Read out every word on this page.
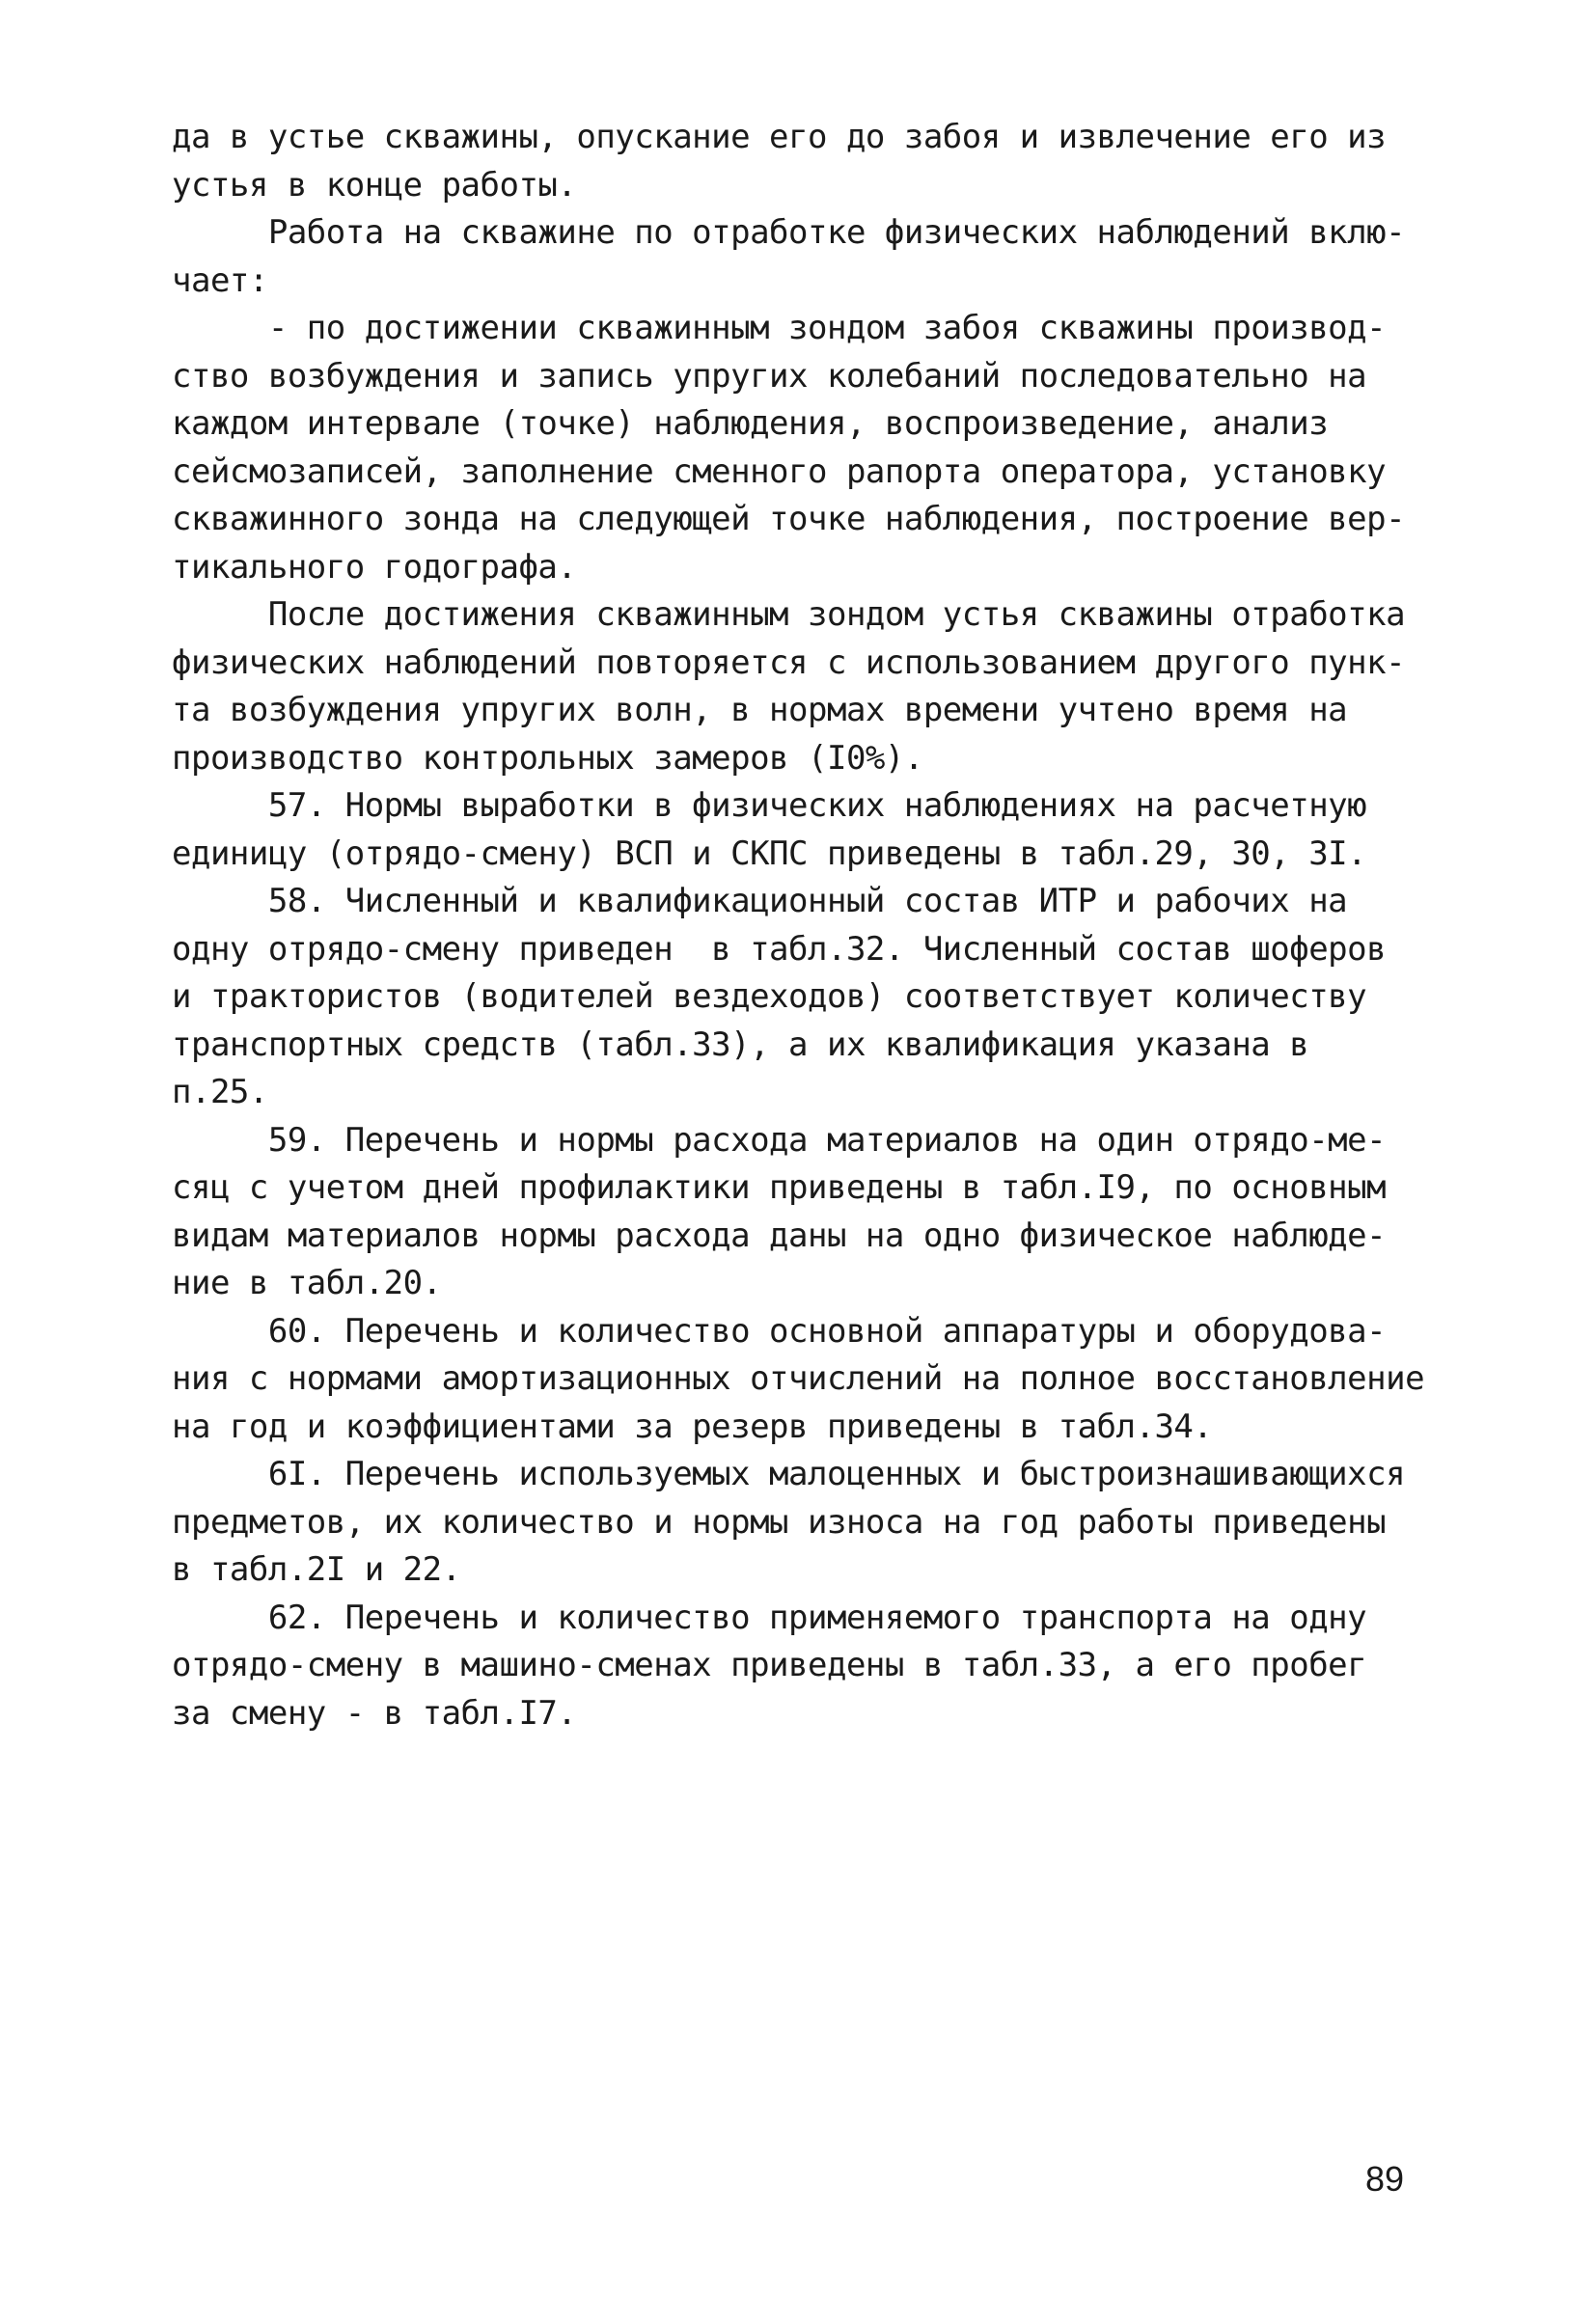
да в устье скважины, опускание его до забоя и извлечение его из
устья в конце работы.
Работа на скважине по отработке физических наблюдений вклю-
чает:
- по достижении скважинным зондом забоя скважины производ-
ство возбуждения и запись упругих колебаний последовательно на
каждом интервале (точке) наблюдения, воспроизведение, анализ
сейсмозаписей, заполнение сменного рапорта оператора, установку
скважинного зонда на следующей точке наблюдения, построение вер-
тикального годографа.
После достижения скважинным зондом устья скважины отработка
физических наблюдений повторяется с использованием другого пунк-
та возбуждения упругих волн, в нормах времени учтено время на
производство контрольных замеров (I0%).
57. Нормы выработки в физических наблюдениях на расчетную
единицу (отрядо-смену) ВСП и СКПС приведены в табл.29, 30, 3I.
58. Численный и квалификационный состав ИТР и рабочих на
одну отрядо-смену приведен  в табл.32. Численный состав шоферов
и трактористов (водителей вездеходов) соответствует количеству
транспортных средств (табл.33), а их квалификация указана в
п.25.
59. Перечень и нормы расхода материалов на один отрядо-ме-
сяц с учетом дней профилактики приведены в табл.I9, по основным
видам материалов нормы расхода даны на одно физическое наблюде-
ние в табл.20.
60. Перечень и количество основной аппаратуры и оборудова-
ния с нормами амортизационных отчислений на полное восстановление
на год и коэффициентами за резерв приведены в табл.34.
6I. Перечень используемых малоценных и быстроизнашивающихся
предметов, их количество и нормы износа на год работы приведены
в табл.2I и 22.
62. Перечень и количество применяемого транспорта на одну
отрядо-смену в машино-сменах приведены в табл.33, а его пробег
за смену - в табл.I7.
89
